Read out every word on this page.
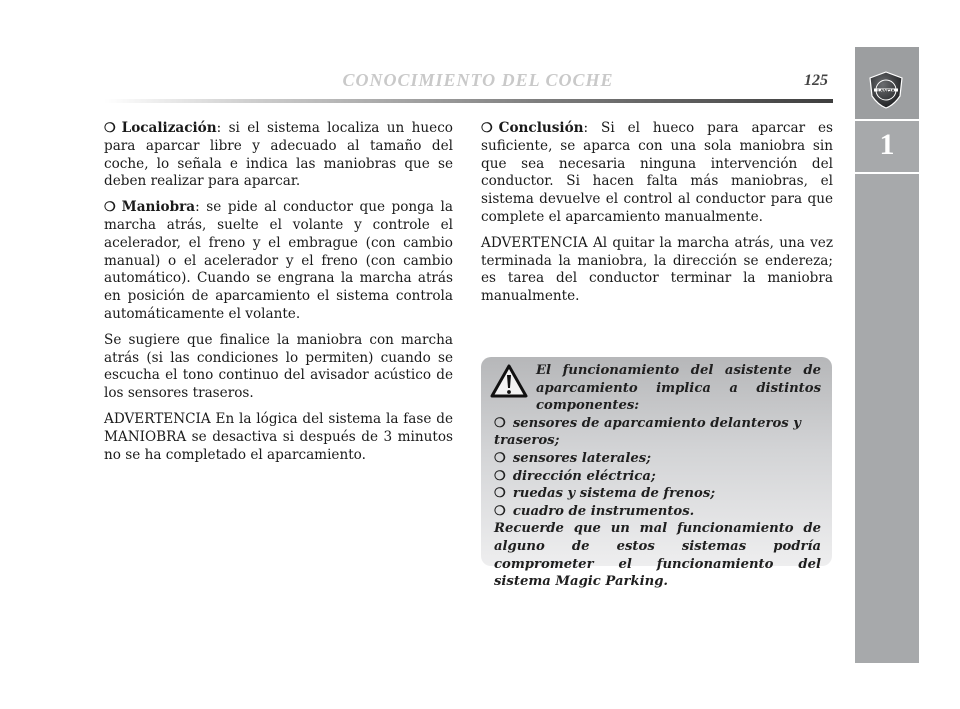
CONOCIMIENTO DEL COCHE	125
LANCIA
1

❍ Localización: si el sistema localiza un hueco para aparcar libre y adecuado al tamaño del coche, lo señala e indica las maniobras que se deben realizar para aparcar.

❍ Maniobra: se pide al conductor que ponga la marcha atrás, suelte el volante y controle el acelerador, el freno y el embrague (con cambio manual) o el acelerador y el freno (con cambio automático). Cuando se engrana la marcha atrás en posición de aparcamiento el sistema controla automáticamente el volante.

Se sugiere que finalice la maniobra con marcha atrás (si las condiciones lo permiten) cuando se escucha el tono continuo del avisador acústico de los sensores traseros.

ADVERTENCIA En la lógica del sistema la fase de MANIOBRA se desactiva si después de 3 minutos no se ha completado el aparcamiento.

❍ Conclusión: Si el hueco para aparcar es suficiente, se aparca con una sola maniobra sin que sea necesaria ninguna intervención del conductor. Si hacen falta más maniobras, el sistema devuelve el control al conductor para que complete el aparcamiento manualmente.

ADVERTENCIA Al quitar la marcha atrás, una vez terminada la maniobra, la dirección se endereza; es tarea del conductor terminar la maniobra manualmente.

El funcionamiento del asistente de aparcamiento implica a distintos componentes:

❍ sensores de aparcamiento delanteros y traseros;
❍ sensores laterales;
❍ dirección eléctrica;
❍ ruedas y sistema de frenos;
❍ cuadro de instrumentos.

Recuerde que un mal funcionamiento de alguno de estos sistemas podría comprometer el funcionamiento del sistema Magic Parking.
